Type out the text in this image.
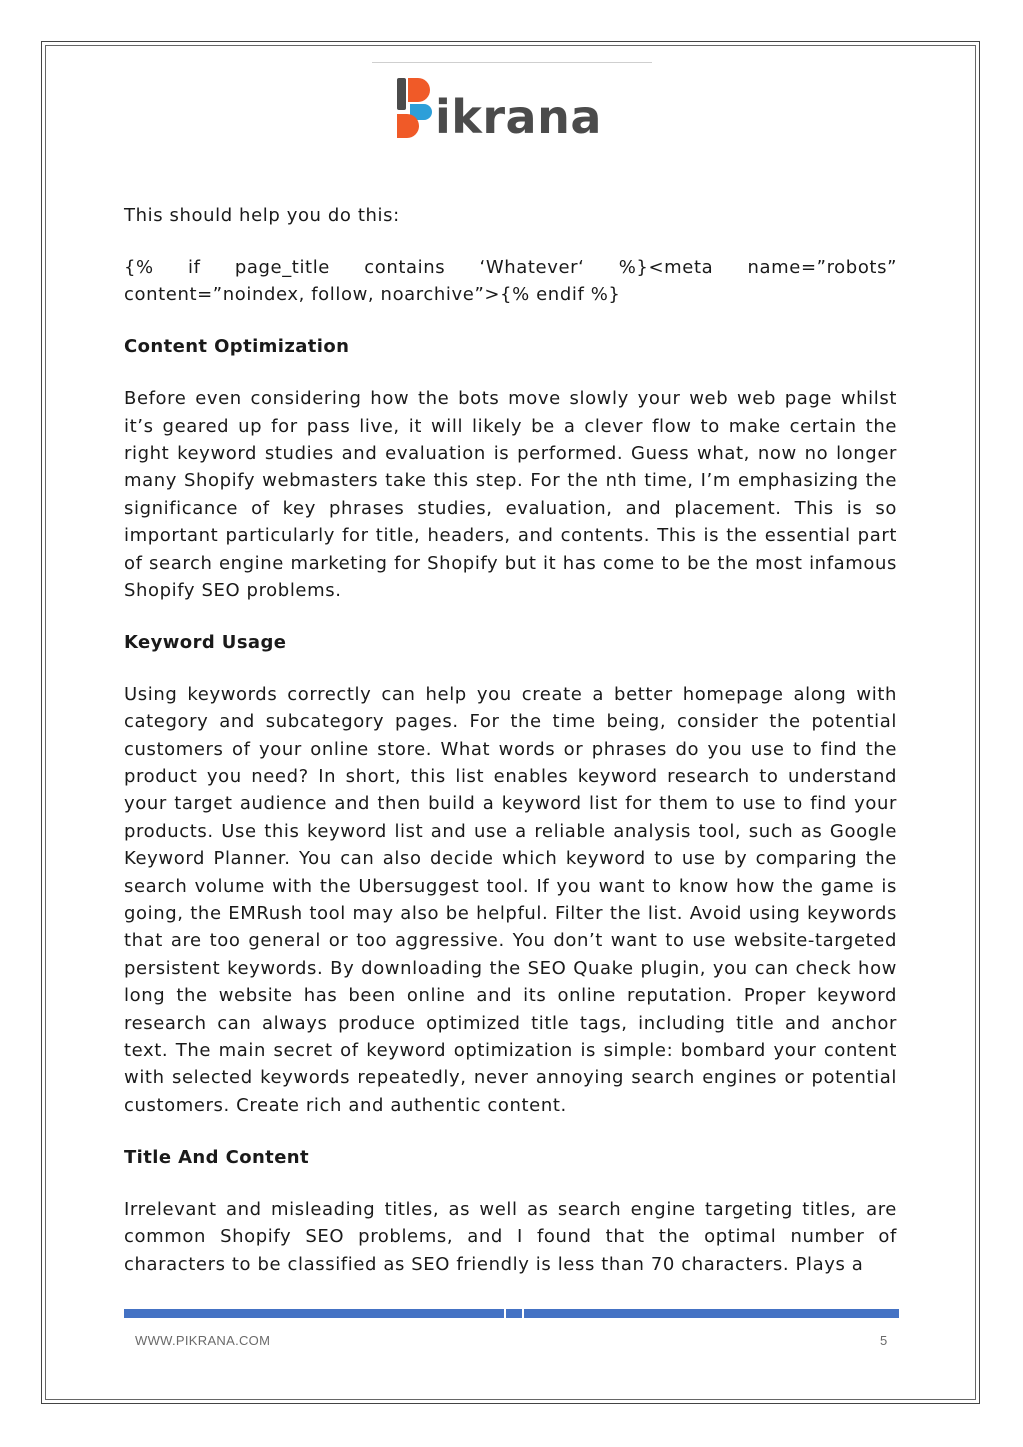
ikrana

This should help you do this:

{% if page_title contains ‘Whatever‘ %}<meta name=”robots” content=”noindex, follow, noarchive”>{% endif %}

Content Optimization

Before even considering how the bots move slowly your web web page whilst it’s geared up for pass live, it will likely be a clever flow to make certain the right keyword studies and evaluation is performed. Guess what, now no longer many Shopify webmasters take this step. For the nth time, I’m emphasizing the significance of key phrases studies, evaluation, and placement. This is so important particularly for title, headers, and contents. This is the essential part of search engine marketing for Shopify but it has come to be the most infamous Shopify SEO problems.

Keyword Usage

Using keywords correctly can help you create a better homepage along with category and subcategory pages. For the time being, consider the potential customers of your online store. What words or phrases do you use to find the product you need? In short, this list enables keyword research to understand your target audience and then build a keyword list for them to use to find your products. Use this keyword list and use a reliable analysis tool, such as Google Keyword Planner. You can also decide which keyword to use by comparing the search volume with the Ubersuggest tool. If you want to know how the game is going, the EMRush tool may also be helpful. Filter the list. Avoid using keywords that are too general or too aggressive. You don’t want to use website-targeted persistent keywords. By downloading the SEO Quake plugin, you can check how long the website has been online and its online reputation. Proper keyword research can always produce optimized title tags, including title and anchor text. The main secret of keyword optimization is simple: bombard your content with selected keywords repeatedly, never annoying search engines or potential customers. Create rich and authentic content.

Title And Content

Irrelevant and misleading titles, as well as search engine targeting titles, are common Shopify SEO problems, and I found that the optimal number of characters to be classified as SEO friendly is less than 70 characters. Plays a

WWW.PIKRANA.COM	5
